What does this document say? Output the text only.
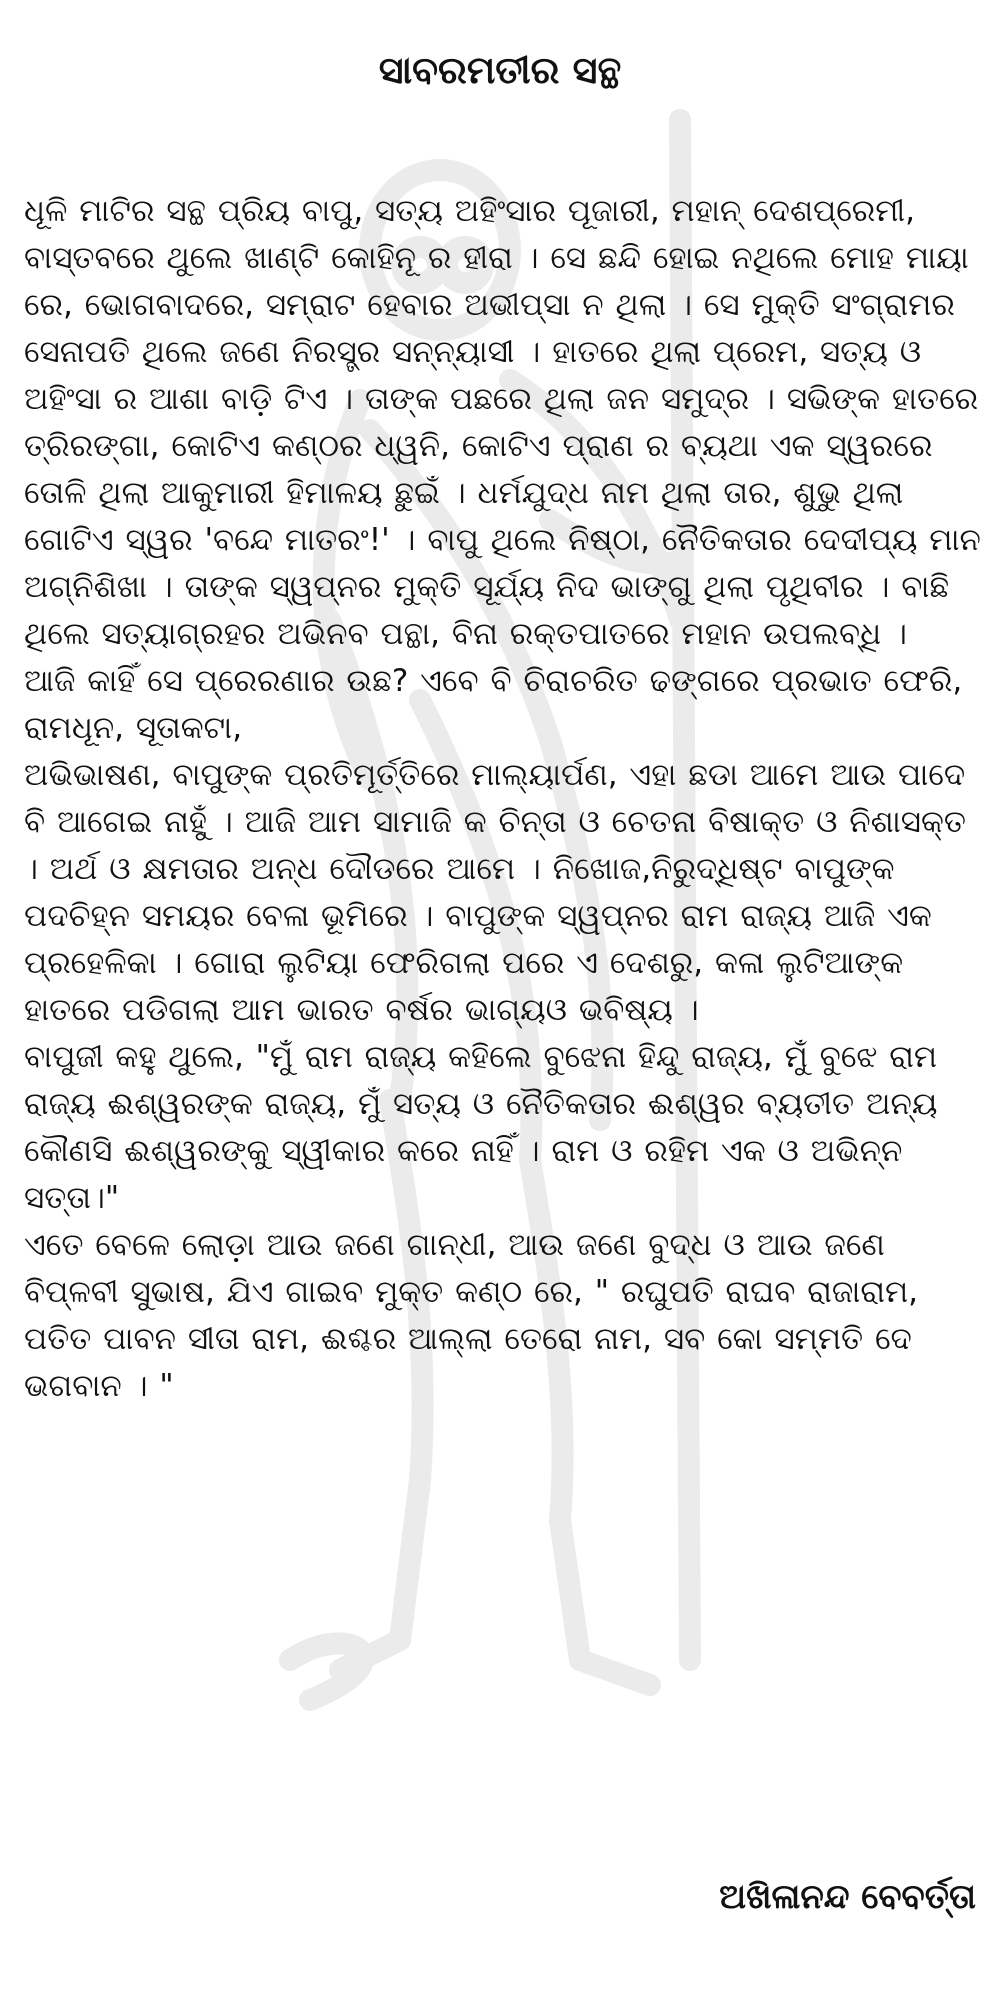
ସାବରମତୀର ସନ୍ଥ

ଧୂଳି ମାଟିର ସନ୍ଥ ପ୍ରିୟ ବାପୁ, ସତ୍ୟ ଅହିଂସାର ପୂଜାରୀ, ମହାନ୍ ଦେଶପ୍ରେମୀ, ବାସ୍ତବରେ ଥୁଲେ ଖାଣ୍ଟି କୋହିନୂ ର ହୀରା । ସେ ଛନ୍ଦି ହୋଇ ନଥିଲେ ମୋହ ମାୟା ରେ, ଭୋଗବାଦରେ, ସମ୍ରାଟ ହେବାର ଅଭୀପ୍ସା ନ ଥିଲା । ସେ ମୁକ୍ତି ସଂଗ୍ରାମର ସେନାପତି ଥିଲେ ଜଣେ ନିରସ୍ତ୍ର ସନ୍ନ୍ୟାସୀ । ହାତରେ ଥିଲା ପ୍ରେମ, ସତ୍ୟ ଓ ଅହିଂସା ର ଆଶା ବାଡ଼ି ଟିଏ । ତାଙ୍କ ପଛରେ ଥିଲା ଜନ ସମୁଦ୍ର । ସଭିଙ୍କ ହାତରେ ତ୍ରିରଙ୍ଗା, କୋଟିଏ କଣ୍ଠର ଧ୍ୱନି, କୋଟିଏ ପ୍ରାଣ ର ବ୍ୟଥା ଏକ ସ୍ୱରରେ ତୋଳି ଥିଲା ଆକୁମାରୀ ହିମାଳୟ ଛୁଇଁ । ଧର୍ମଯୁଦ୍ଧ ନାମ ଥିଲା ତାର, ଶୁଭୁ ଥିଲା ଗୋଟିଏ ସ୍ୱର 'ବନ୍ଦେ ମାତରଂ!' । ବାପୁ ଥିଲେ ନିଷ୍ଠା, ନୈତିକତାର ଦେଦୀପ୍ୟ ମାନ ଅଗ୍ନିଶିଖା । ତାଙ୍କ ସ୍ୱପ୍ନର ମୁକ୍ତି ସୂର୍ଯ୍ୟ ନିଦ ଭାଙ୍ଗୁ ଥିଲା ପୃଥିବୀର । ବାଛି ଥିଲେ ସତ୍ୟାଗ୍ରହର ଅଭିନବ ପନ୍ଥା, ବିନା ରକ୍ତପାତରେ ମହାନ ଉପଲବ୍ଧି ।

ଆଜି କାହିଁ ସେ ପ୍ରେରଣାର ଉଛ? ଏବେ ବି ଚିରାଚରିତ ଢଙ୍ଗରେ ପ୍ରଭାତ ଫେରି, ରାମଧୂନ, ସୂତାକଟା,

ଅଭିଭାଷଣ, ବାପୁଙ୍କ ପ୍ରତିମୂର୍ତ୍ତିରେ ମାଲ୍ୟାର୍ପଣ, ଏହା ଛଡା ଆମେ ଆଉ ପାଦେ ବି ଆଗେଇ ନାହୁଁ । ଆଜି ଆମ ସାମାଜି କ ଚିନ୍ତା ଓ ଚେତନା ବିଷାକ୍ତ ଓ ନିଶାସକ୍ତ । ଅର୍ଥ ଓ କ୍ଷମତାର ଅନ୍ଧ ଦୌଡରେ ଆମେ । ନିଖୋଜ,ନିରୁଦ୍ଧିଷ୍ଟ ବାପୁଙ୍କ ପଦଚିହ୍ନ ସମୟର ବେଳା ଭୂମିରେ । ବାପୁଙ୍କ ସ୍ୱପ୍ନର ରାମ ରାଜ୍ୟ ଆଜି ଏକ ପ୍ରହେଳିକା । ଗୋରା ଲୁଟିୟା ଫେରିଗଲା ପରେ ଏ ଦେଶରୁ, କଳା ଲୁଟିଆଙ୍କ ହାତରେ ପଡିଗଲା ଆମ ଭାରତ ବର୍ଷର ଭାଗ୍ୟଓ ଭବିଷ୍ୟ ।

ବାପୁଜୀ କହୁ ଥୁଲେ, "ମୁଁ ରାମ ରାଜ୍ୟ କହିଲେ ବୁଝେନା ହିନ୍ଦୁ ରାଜ୍ୟ, ମୁଁ ବୁଝେ ରାମ ରାଜ୍ୟ ଈଶ୍ୱରଙ୍କ ରାଜ୍ୟ, ମୁଁ ସତ୍ୟ ଓ ନୈତିକତାର ଈଶ୍ୱର ବ୍ୟତୀତ ଅନ୍ୟ କୌଣସି ଈଶ୍ୱରଙ୍କୁ ସ୍ୱୀକାର କରେ ନାହିଁ । ରାମ ଓ ରହିମ ଏକ ଓ ଅଭିନ୍ନ ସତ୍ତା।"

ଏତେ ବେଳେ ଲୋଡ଼ା ଆଉ ଜଣେ ଗାନ୍ଧୀ, ଆଉ ଜଣେ ବୁଦ୍ଧ ଓ ଆଉ ଜଣେ ବିପ୍ଳବୀ ସୁଭାଷ, ଯିଏ ଗାଇବ ମୁକ୍ତ କଣ୍ଠ ରେ, " ରଘୁପତି ରାଘବ ରାଜାରାମ, ପତିତ ପାବନ ସୀତା ରାମ, ଈଶ୍ଚର ଆଲ୍ଲା ତେରୋ ନାମ, ସବ କୋ ସମ୍ମତି ଦେ ଭଗବାନ । "

ଅଖିଳାନନ୍ଦ ବେବର୍ତ୍ତା
